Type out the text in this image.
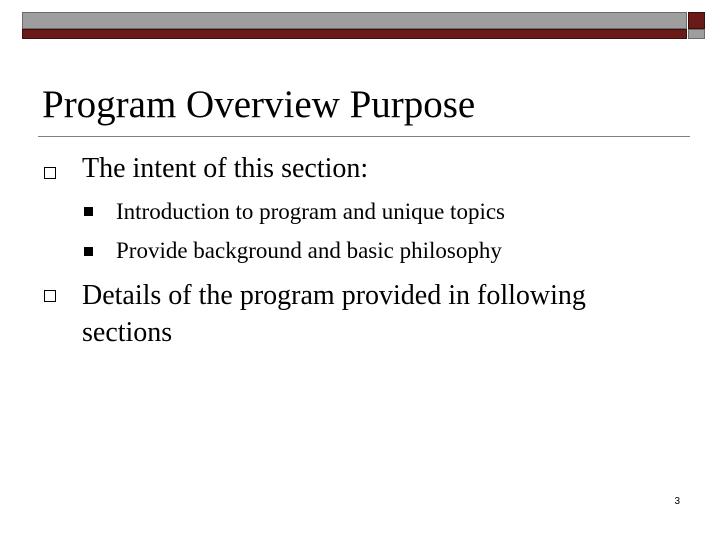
Program Overview Purpose
The intent of this section:
Introduction to program and unique topics
Provide background and basic philosophy
Details of the program provided in following
sections
3
